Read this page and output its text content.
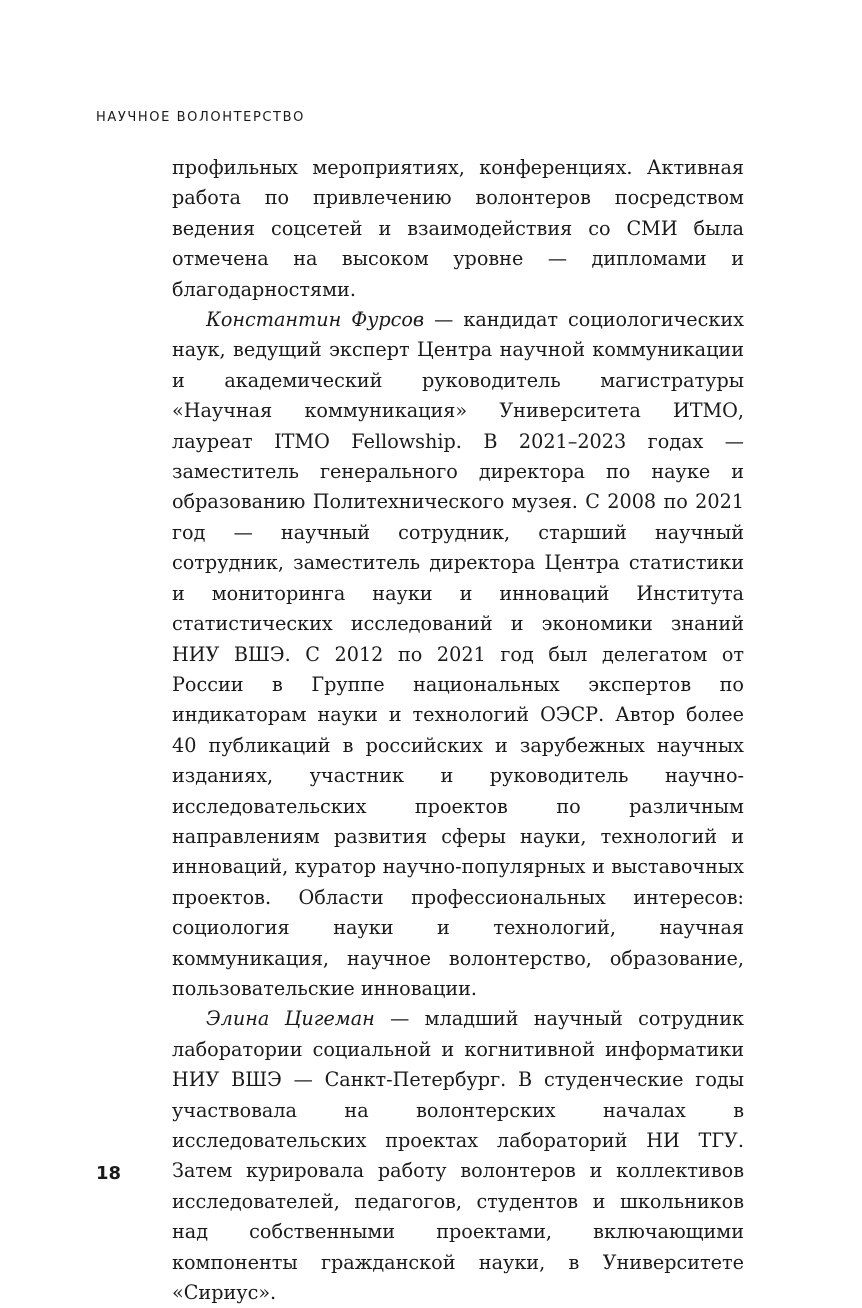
НАУЧНОЕ ВОЛОНТЕРСТВО

профильных мероприятиях, конференциях. Активная работа по привлечению волонтеров посредством ведения соцсетей и взаимодействия со СМИ была отмечена на высоком уровне — дипломами и благодарностями.

Константин Фурсов — кандидат социологических наук, ведущий эксперт Центра научной коммуникации и академический руководитель магистратуры «Научная коммуникация» Университета ИТМО, лауреат ITMO Fellowship. В 2021–2023 годах — заместитель генерального директора по науке и образованию Политехнического музея. С 2008 по 2021 год — научный сотрудник, старший научный сотрудник, заместитель директора Центра статистики и мониторинга науки и инноваций Института статистических исследований и экономики знаний НИУ ВШЭ. С 2012 по 2021 год был делегатом от России в Группе национальных экспертов по индикаторам науки и технологий ОЭСР. Автор более 40 публикаций в российских и зарубежных научных изданиях, участник и руководитель научно-исследовательских проектов по различным направлениям развития сферы науки, технологий и инноваций, куратор научно-популярных и выставочных проектов. Области профессиональных интересов: социология науки и технологий, научная коммуникация, научное волонтерство, образование, пользовательские инновации.

Элина Цигеман — младший научный сотрудник лаборатории социальной и когнитивной информатики НИУ ВШЭ — Санкт-Петербург. В студенческие годы участвовала на волонтерских началах в исследовательских проектах лабораторий НИ ТГУ. Затем курировала работу волонтеров и коллективов исследователей, педагогов, студентов и школьников над собственными проектами, включающими компоненты гражданской науки, в Университете «Сириус».

18
